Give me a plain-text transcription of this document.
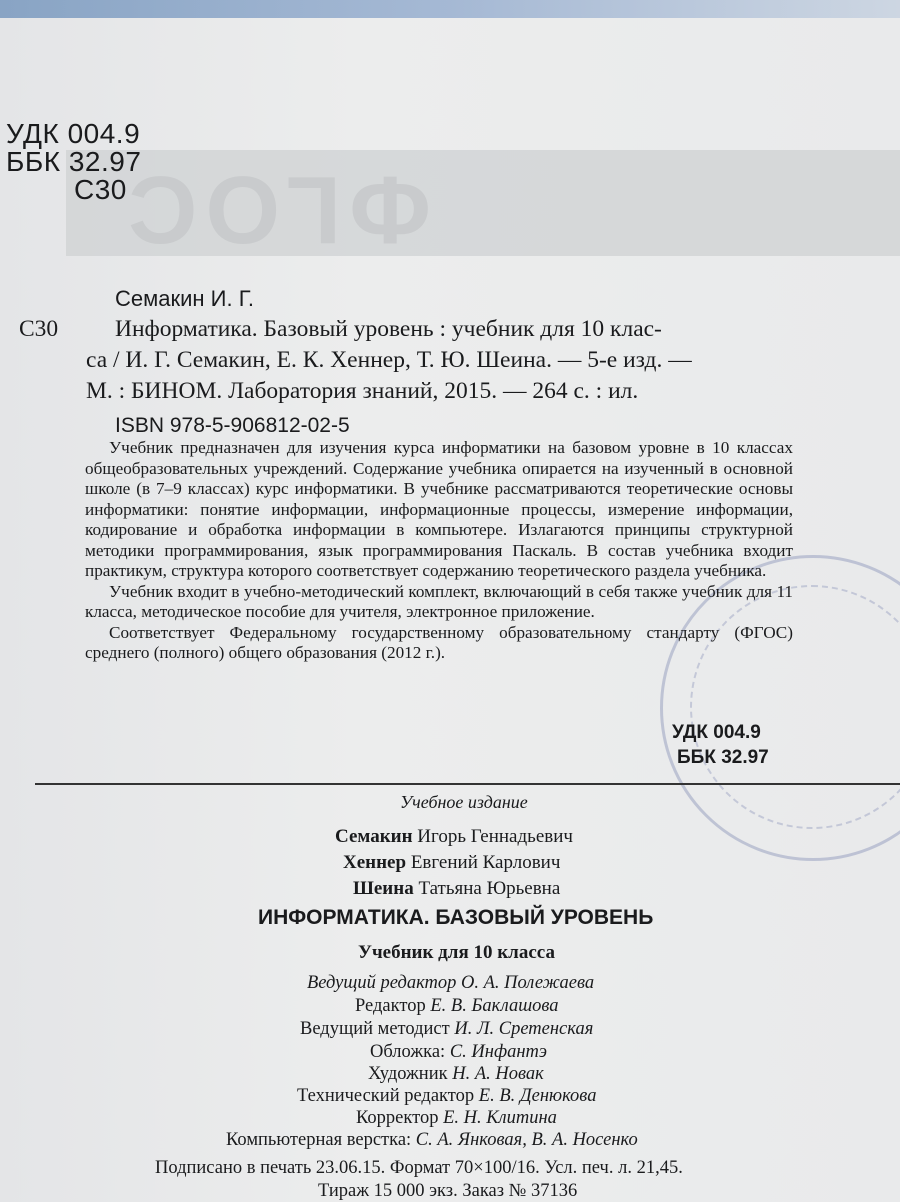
ФГОС
УДК 004.9
ББК 32.97
С30
С30
Семакин И. Г.
Информатика. Базовый уровень : учебник для 10 клас-
са / И. Г. Семакин, Е. К. Хеннер, Т. Ю. Шеина. — 5-е изд. —
М. : БИНОМ. Лаборатория знаний, 2015. — 264 с. : ил.
ISBN 978-5-906812-02-5

Учебник предназначен для изучения курса информатики на базовом уровне в 10 классах общеобразовательных учреждений. Содержание учебника опирается на изученный в основной школе (в 7–9 классах) курс информатики. В учебнике рассматриваются теоретические основы информатики: понятие информации, информационные процессы, измерение информации, кодирование и обработка информации в компьютере. Излагаются принципы структурной методики программирования, язык программирования Паскаль. В состав учебника входит практикум, структура которого соответствует содержанию теоретического раздела учебника.

Учебник входит в учебно-методический комплект, включающий в себя также учебник для 11 класса, методическое пособие для учителя, электронное приложение.

Соответствует Федеральному государственному образовательному стандарту (ФГОС) среднего (полного) общего образования (2012 г.).

УДК 004.9
ББК 32.97
Учебное издание
Семакин Игорь Геннадьевич
Хеннер Евгений Карлович
Шеина Татьяна Юрьевна
ИНФОРМАТИКА. БАЗОВЫЙ УРОВЕНЬ
Учебник для 10 класса
Ведущий редактор О. А. Полежаева
Редактор Е. В. Баклашова
Ведущий методист И. Л. Сретенская
Обложка: С. Инфантэ
Художник Н. А. Новак
Технический редактор Е. В. Денюкова
Корректор Е. Н. Клитина
Компьютерная верстка: С. А. Янковая, В. А. Носенко
Подписано в печать 23.06.15. Формат 70×100/16. Усл. печ. л. 21,45.
Тираж 15 000 экз. Заказ № 37136
